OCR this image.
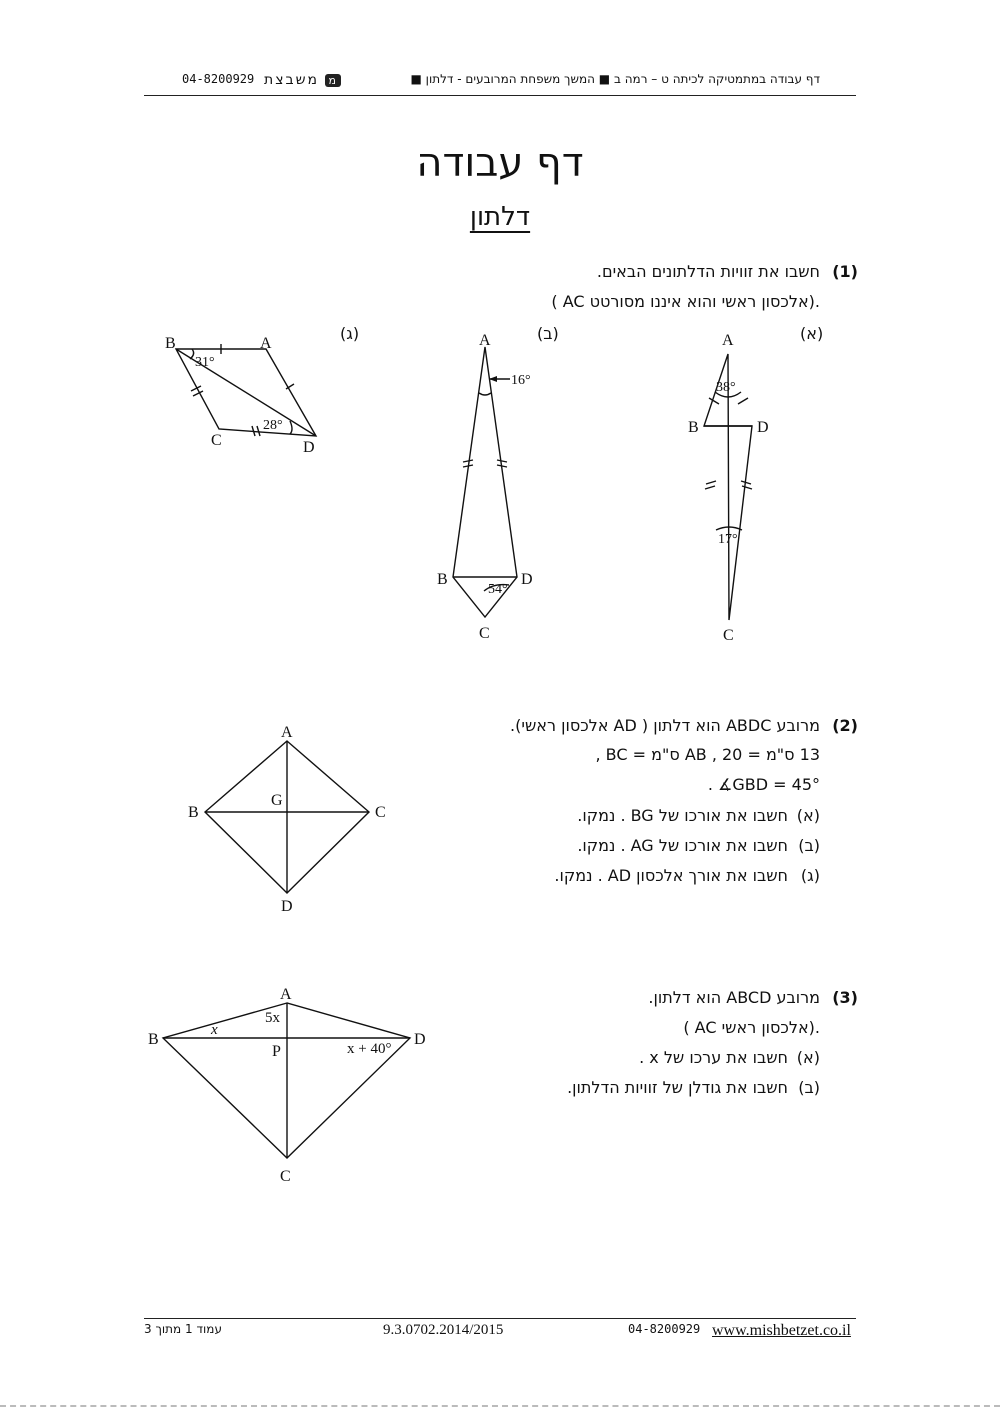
04-8200929 משבצת מ	דף עבודה במתמטיקה לכיתה ט – רמה ב ■ המשך משפחת המרובעים - דלתון ■
דף עבודה
דלתון
(1)
חשבו את זוויות הדלתונים הבאים.
( AC אלכסון ראשי והוא איננו מסורטט).
(א)
(ב)
(ג)	A
B	D
C
38°
17°
A
B	D
C
16°
54°
B	A
C	D
31°
28°
A
B	C
D
G
A
B
C
D
P
x
5x
x + 40°
(2)
מרובע ABDC הוא דלתון ( AD אלכסון ראשי).
13 ס"מ = AB , 20 ס"מ = BC ,
. ∡GBD = 45°
(א)
חשבו את אורכו של BG . נמקו.
(ב)
חשבו את אורכו של AG . נמקו.
(ג)
חשבו את אורך אלכסון AD . נמקו.
(3)
מרובע ABCD הוא דלתון.
( AC אלכסון ראשי).
(א)
חשבו את ערכו של x .
(ב)
חשבו את גודלן של זוויות הדלתון.
עמוד 1 מתוך 3	9.3.0702.2014/2015	04-8200929 www.mishbetzet.co.il
